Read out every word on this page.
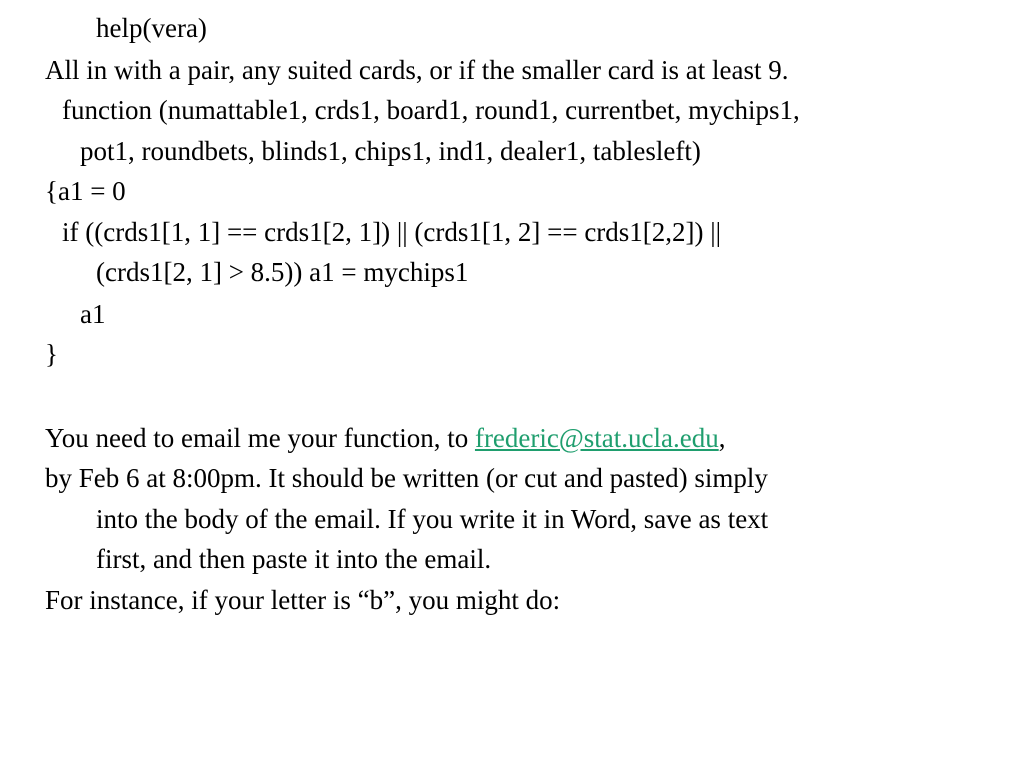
help(vera)
All in with a pair, any suited cards, or if the smaller card is at least 9.
function (numattable1, crds1, board1, round1, currentbet, mychips1,
pot1, roundbets, blinds1, chips1, ind1, dealer1, tablesleft)
{a1 = 0
if ((crds1[1, 1] == crds1[2, 1]) || (crds1[1, 2] == crds1[2,2]) ||
(crds1[2, 1] > 8.5)) a1 = mychips1
a1
}
You need to email me your function, to frederic@stat.ucla.edu,
by Feb 6 at 8:00pm. It should be written (or cut and pasted) simply
into the body of the email. If you write it in Word, save as text
first, and then paste it into the email.
For instance, if your letter is “b”, you might do:
